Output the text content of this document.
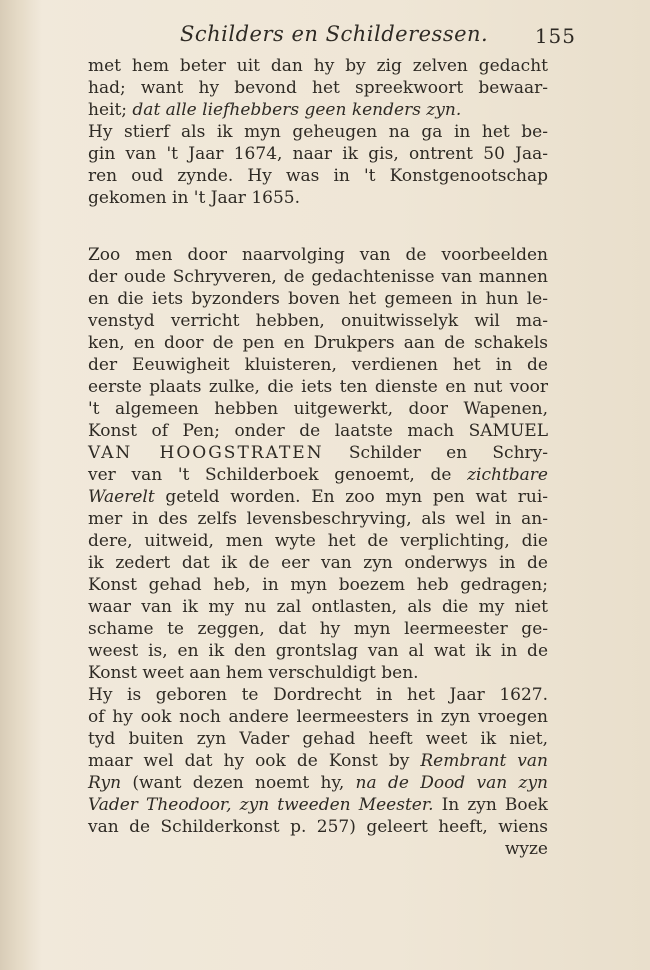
Schilders en Schilderessen. 155
met hem beter uit dan hy by zig zelven gedacht
had; want hy bevond het spreekwoort bewaar-
heit; dat alle liefhebbers geen kenders zyn.
Hy stierf als ik myn geheugen na ga in het be-
gin van 't Jaar 1674, naar ik gis, ontrent 50 Jaa-
ren oud zynde. Hy was in 't Konstgenootschap
gekomen in 't Jaar 1655.
Zoo men door naarvolging van de voorbeelden
der oude Schryveren, de gedachtenisse van mannen
en die iets byzonders boven het gemeen in hun le-
venstyd verricht hebben, onuitwisselyk wil ma-
ken, en door de pen en Drukpers aan de schakels
der Eeuwigheit kluisteren, verdienen het in de
eerste plaats zulke, die iets ten dienste en nut voor
't algemeen hebben uitgewerkt, door Wapenen,
Konst of Pen; onder de laatste mach SAMUEL
VAN HOOGSTRATEN Schilder en Schry-
ver van 't Schilderboek genoemt, de zichtbare
Waerelt geteld worden. En zoo myn pen wat rui-
mer in des zelfs levensbeschryving, als wel in an-
dere, uitweid, men wyte het de verplichting, die
ik zedert dat ik de eer van zyn onderwys in de
Konst gehad heb, in myn boezem heb gedragen;
waar van ik my nu zal ontlasten, als die my niet
schame te zeggen, dat hy myn leermeester ge-
weest is, en ik den grontslag van al wat ik in de
Konst weet aan hem verschuldigt ben.
Hy is geboren te Dordrecht in het Jaar 1627.
of hy ook noch andere leermeesters in zyn vroegen
tyd buiten zyn Vader gehad heeft weet ik niet,
maar wel dat hy ook de Konst by Rembrant van
Ryn (want dezen noemt hy, na de Dood van zyn
Vader Theodoor, zyn tweeden Meester. In zyn Boek
van de Schilderkonst p. 257) geleert heeft, wiens
wyze
